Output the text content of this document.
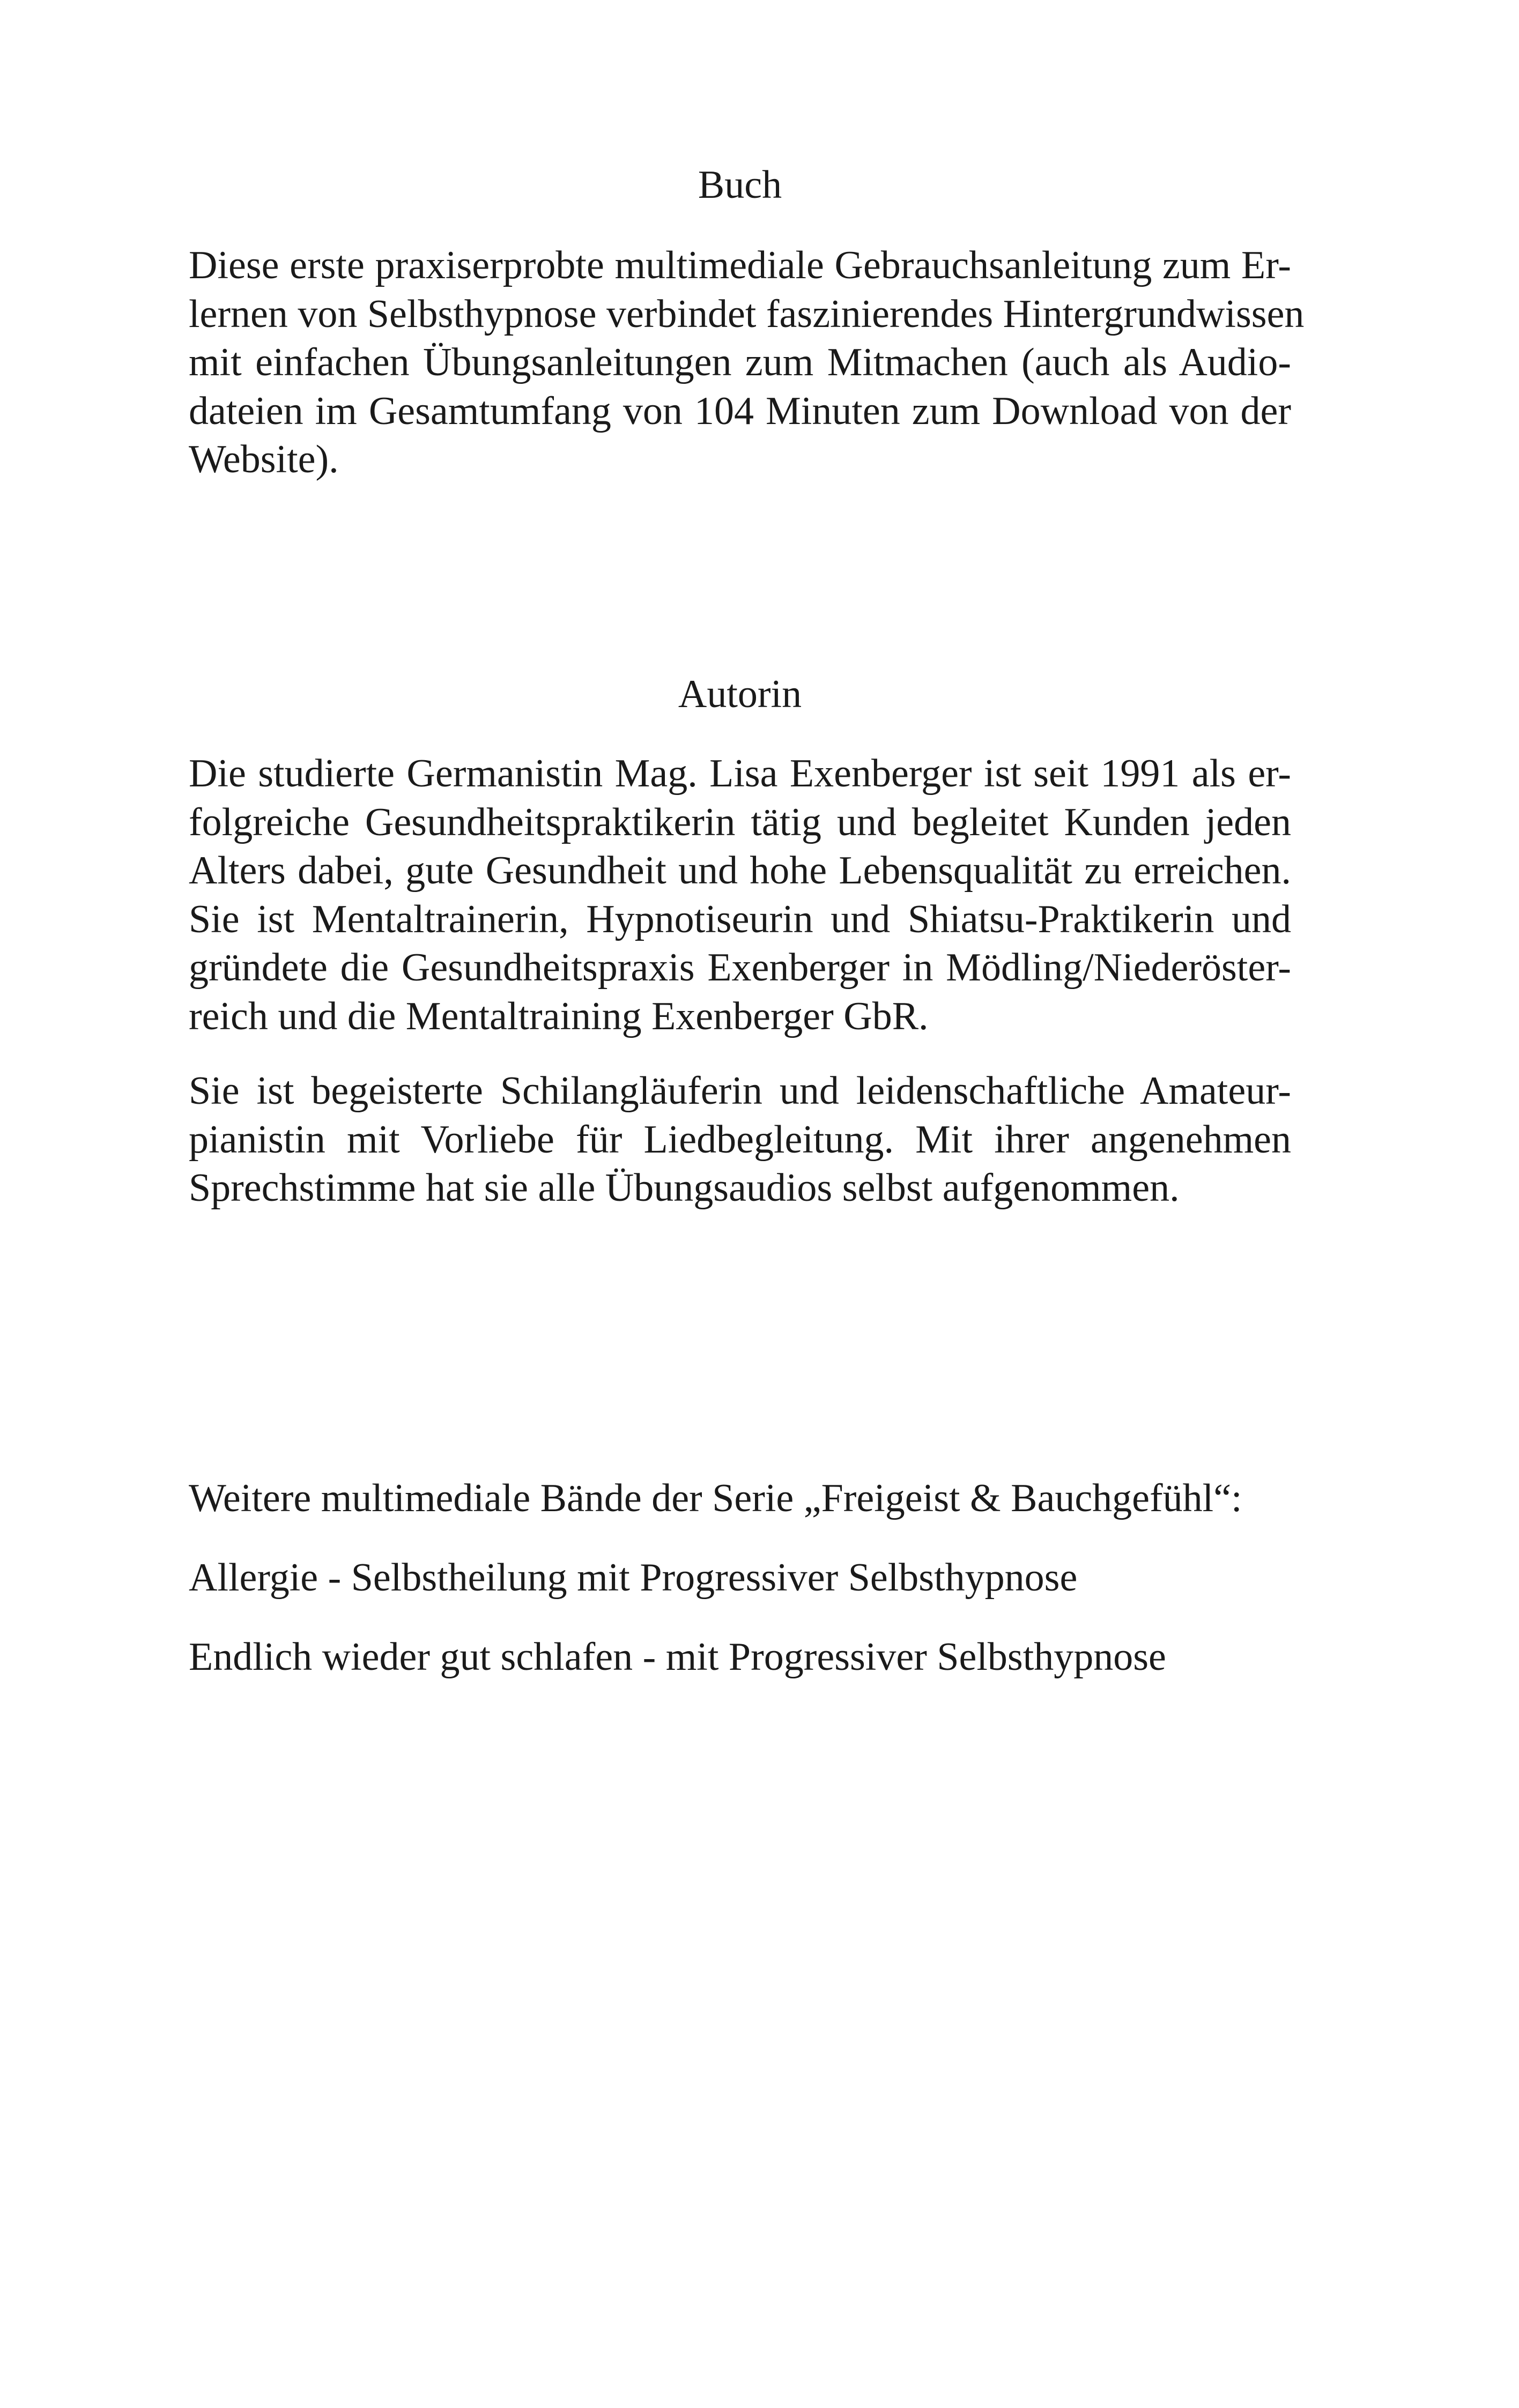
Buch
Diese erste praxiserprobte multimediale Gebrauchsanleitung zum Er-
lernen von Selbsthypnose verbindet faszinierendes Hintergrundwissen
mit einfachen Übungsanleitungen zum Mitmachen (auch als Audio-
dateien im Gesamtumfang von 104 Minuten zum Download von der
Website).
Autorin
Die studierte Germanistin Mag. Lisa Exenberger ist seit 1991 als er-
folgreiche Gesundheitspraktikerin tätig und begleitet Kunden jeden
Alters dabei, gute Gesundheit und hohe Lebensqualität zu erreichen.
Sie ist Mentaltrainerin, Hypnotiseurin und Shiatsu-Praktikerin und
gründete die Gesundheitspraxis Exenberger in Mödling/Niederöster-
reich und die Mentaltraining Exenberger GbR.
Sie ist begeisterte Schilangläuferin und leidenschaftliche Amateur-
pianistin mit Vorliebe für Liedbegleitung. Mit ihrer angenehmen
Sprechstimme hat sie alle Übungsaudios selbst aufgenommen.

Weitere multimediale Bände der Serie „Freigeist & Bauchgefühl“:

Allergie - Selbstheilung mit Progressiver Selbsthypnose

Endlich wieder gut schlafen - mit Progressiver Selbsthypnose
